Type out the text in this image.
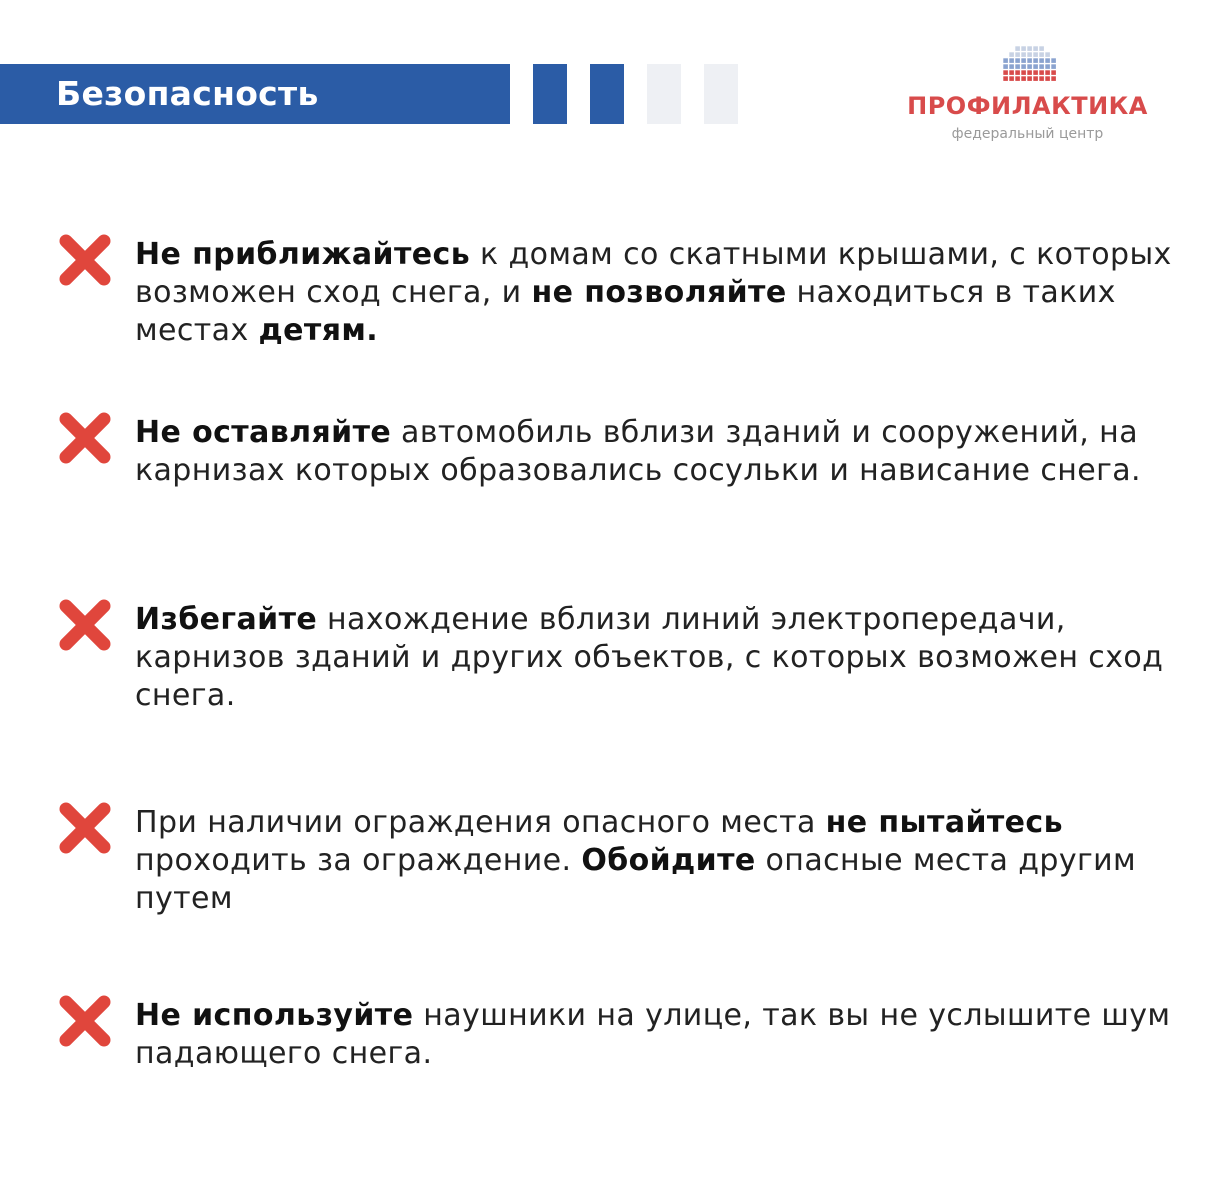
Безопасность	ПРОФИЛАКТИКА
федеральный центр
Не приближайтесь к домам со скатными крышами, с которых возможен сход снега, и не позволяйте находиться в таких местах детям.
Не оставляйте автомобиль вблизи зданий и сооружений, на карнизах которых образовались сосульки и нависание снега.
Избегайте нахождение вблизи линий электропередачи, карнизов зданий и других объектов, с которых возможен сход снега.
При наличии ограждения опасного места не пытайтесь проходить за ограждение. Обойдите опасные места другим путем
Не используйте наушники на улице, так вы не услышите шум падающего снега.
